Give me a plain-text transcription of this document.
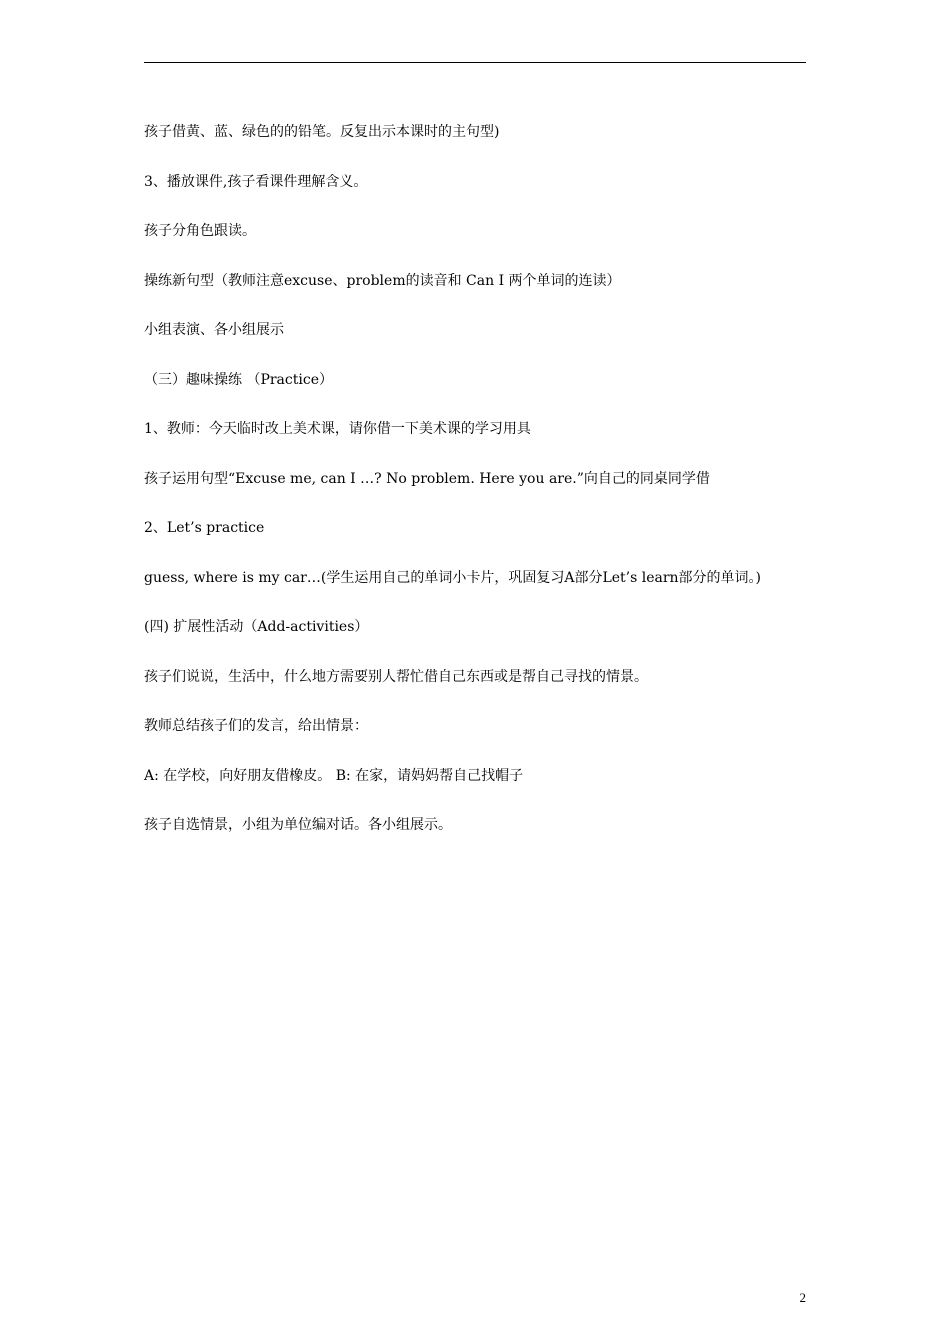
孩子借黄、蓝、绿色的的铅笔。反复出示本课时的主句型)

3、播放课件,孩子看课件理解含义。

孩子分角色跟读。

操练新句型（教师注意excuse、problem的读音和 Can I 两个单词的连读）

小组表演、各小组展示

（三）趣味操练 （Practice）

1、教师：今天临时改上美术课，请你借一下美术课的学习用具

孩子运用句型“Excuse me, can I …? No problem. Here you are.”向自己的同桌同学借

2、Let’s practice

guess, where is my car…(学生运用自己的单词小卡片，巩固复习A部分Let’s learn部分的单词。)

(四) 扩展性活动（Add-activities）

孩子们说说，生活中，什么地方需要别人帮忙借自己东西或是帮自己寻找的情景。

教师总结孩子们的发言，给出情景：

A: 在学校，向好朋友借橡皮。 B: 在家，请妈妈帮自己找帽子

孩子自选情景，小组为单位编对话。各小组展示。

2
